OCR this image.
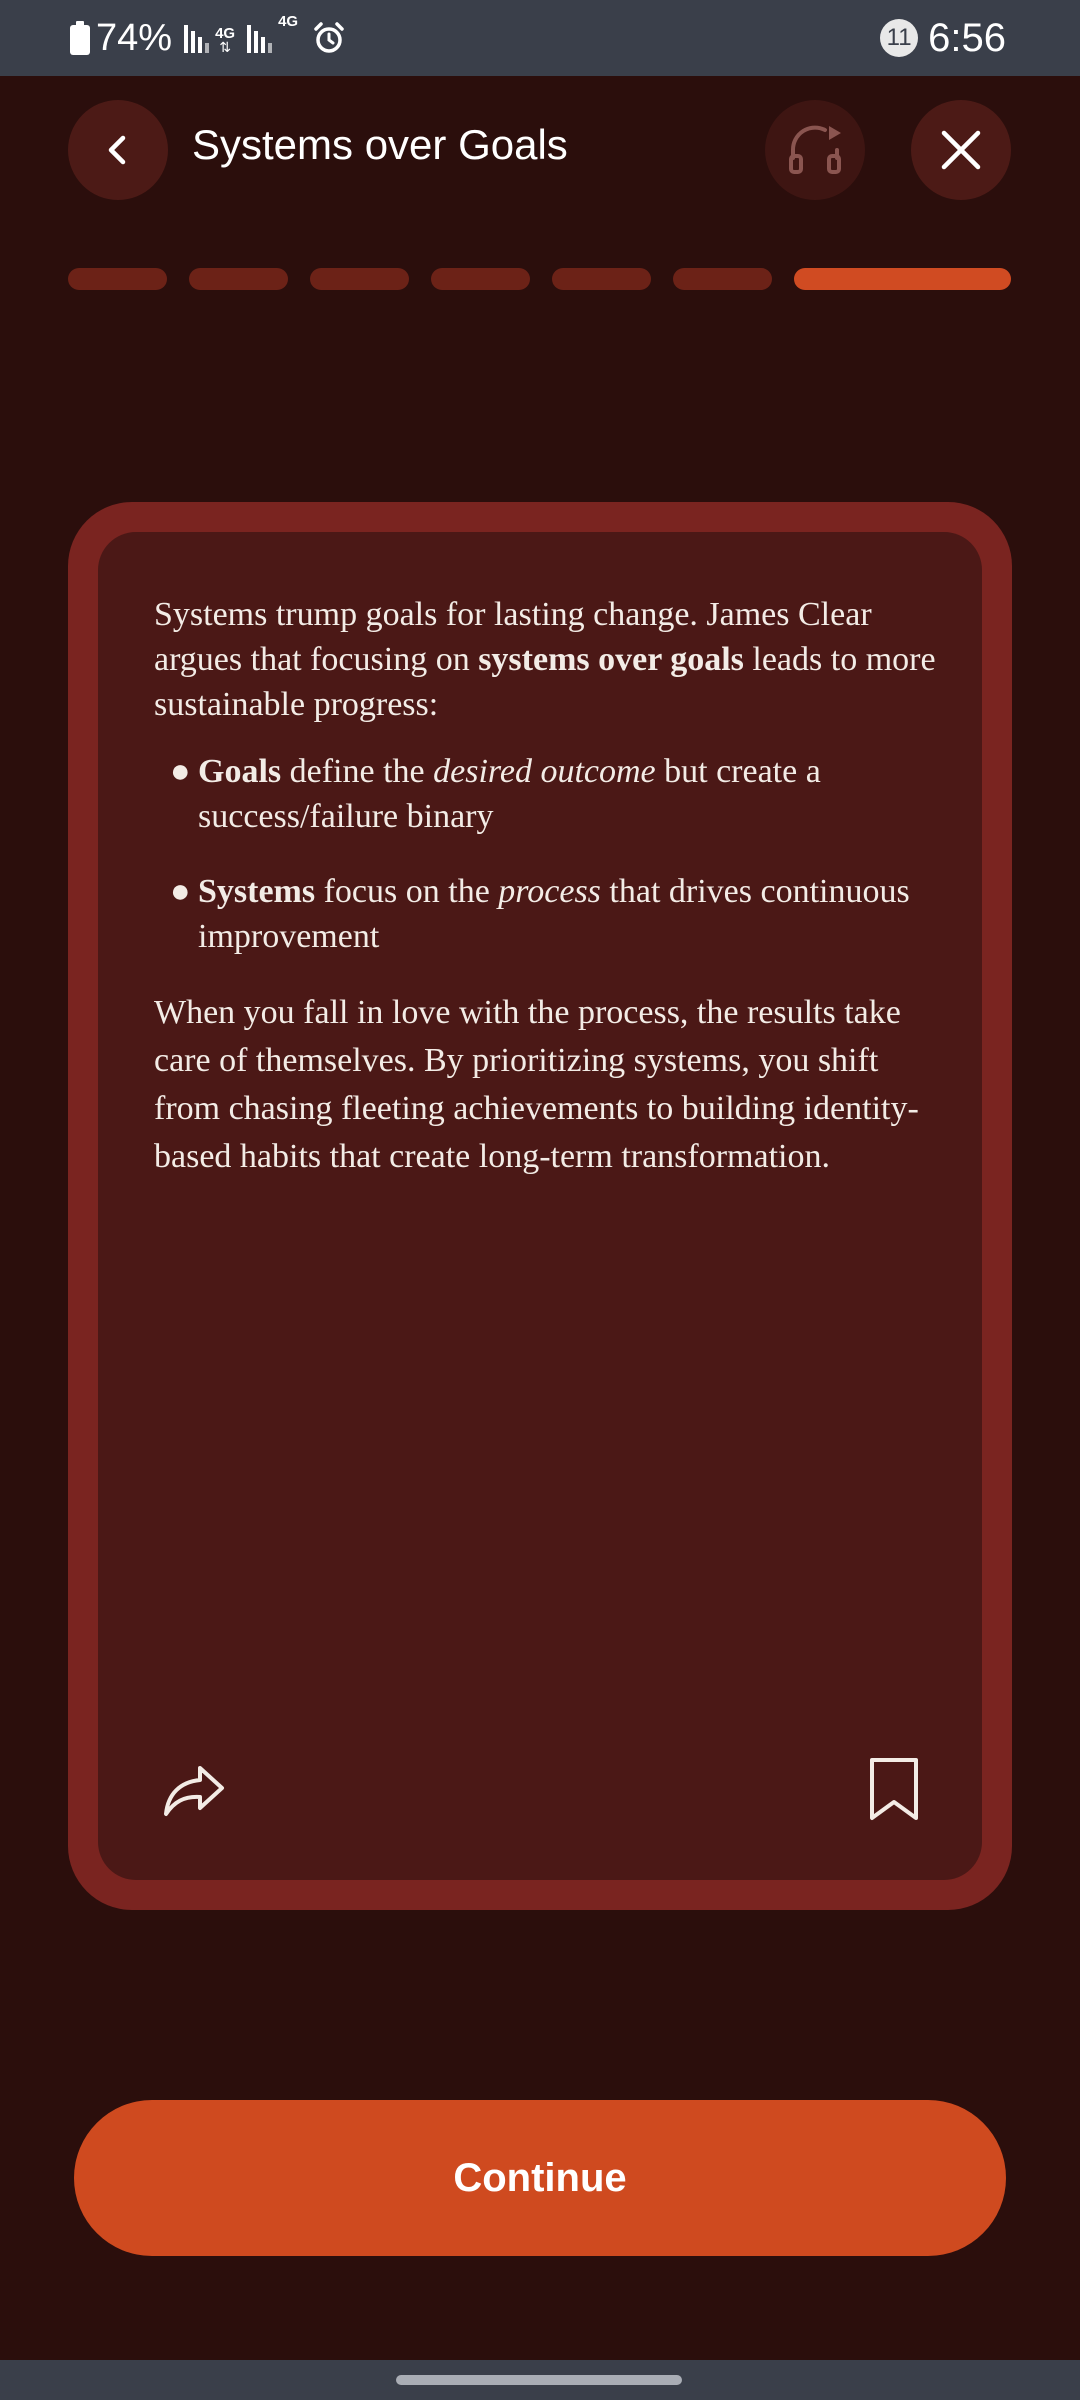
74%	4G
⇅
4G
11 6:56
Systems over Goals

Systems trump goals for lasting change. James Clear argues that focusing on systems over goals leads to more sustainable progress:

● Goals define the desired outcome but create a success/failure binary
● Systems focus on the process that drives continuous improvement

When you fall in love with the process, the results take care of themselves. By prioritizing systems, you shift from chasing fleeting achievements to building identity-based habits that create long-term transformation.

Continue
